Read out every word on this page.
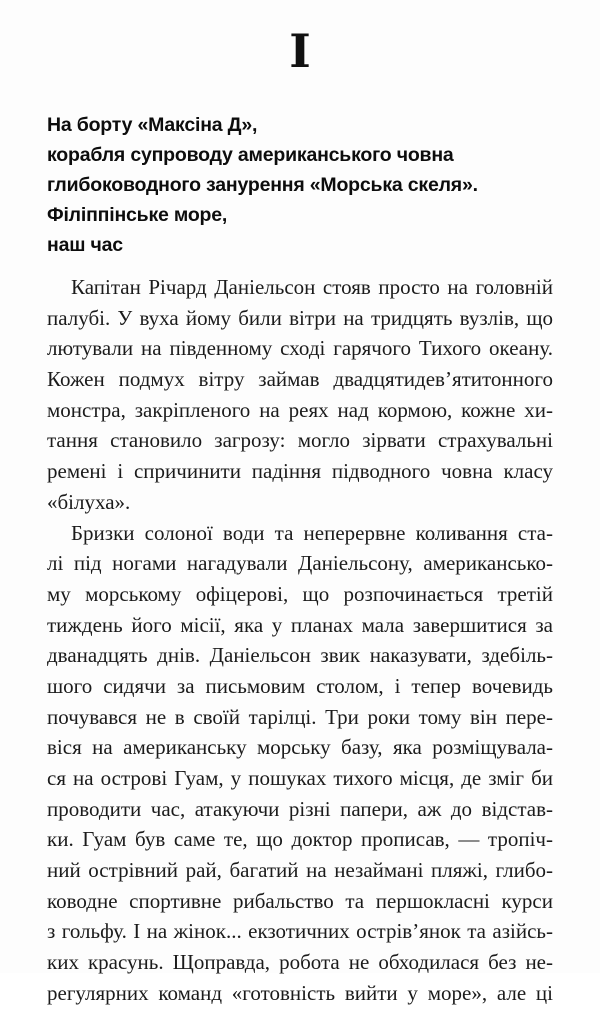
I
На борту «Максіна Д»,
корабля супроводу американського човна
глибоководного занурення «Морська скеля».
Філіппінське море,
наш час
Капітан Річард Даніельсон стояв просто на головній
палубі. У вуха йому били вітри на тридцять вузлів, що
лютували на південному сході гарячого Тихого океану.
Кожен подмух вітру займав двадцятидев’ятитонного
монстра, закріпленого на реях над кормою, кожне хи-
тання становило загрозу: могло зірвати страхувальні
ремені і спричинити падіння підводного човна класу
«білуха».
Бризки солоної води та неперервне коливання ста-
лі під ногами нагадували Даніельсону, американсько-
му морському офіцерові, що розпочинається третій
тиждень його місії, яка у планах мала завершитися за
дванадцять днів. Даніельсон звик наказувати, здебіль-
шого сидячи за письмовим столом, і тепер вочевидь
почувався не в своїй тарілці. Три роки тому він пере-
віся на американську морську базу, яка розміщувала-
ся на острові Гуам, у пошуках тихого місця, де зміг би
проводити час, атакуючи різні папери, аж до відстав-
ки. Гуам був саме те, що доктор прописав, — тропіч-
ний острівний рай, багатий на незаймані пляжі, глибо-
ководне спортивне рибальство та першокласні курси
з гольфу. І на жінок... екзотичних острів’янок та азійсь-
ких красунь. Щоправда, робота не обходилася без не-
регулярних команд «готовність вийти у море», але ці
